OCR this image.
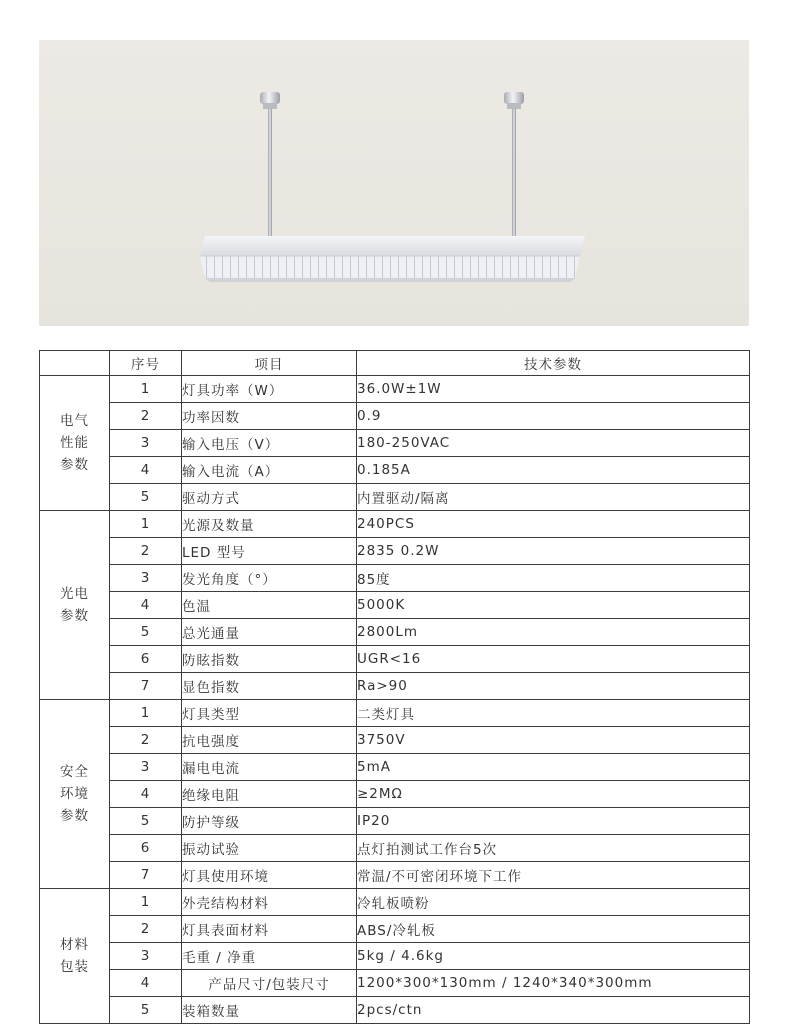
	序号	项目	技术参数
电气
性能
参数	1	灯具功率（W）	36.0W±1W
	2	功率因数	0.9
	3	输入电压（V）	180-250VAC
	4	输入电流（A）	0.185A
	5	驱动方式	内置驱动/隔离
光电
参数	1	光源及数量	240PCS
	2	LED 型号	2835 0.2W
	3	发光角度（°）	85度
	4	色温	5000K
	5	总光通量	2800Lm
	6	防眩指数	UGR<16
	7	显色指数	Ra>90
安全
环境
参数	1	灯具类型	二类灯具
	2	抗电强度	3750V
	3	漏电电流	5mA
	4	绝缘电阻	≥2MΩ
	5	防护等级	IP20
	6	振动试验	点灯拍测试工作台5次
	7	灯具使用环境	常温/不可密闭环境下工作
材料
包装	1	外壳结构材料	冷轧板喷粉
	2	灯具表面材料	ABS/冷轧板
	3	毛重 / 净重	5kg / 4.6kg
	4	产品尺寸/包装尺寸	1200*300*130mm / 1240*340*300mm
	5	装箱数量	2pcs/ctn
